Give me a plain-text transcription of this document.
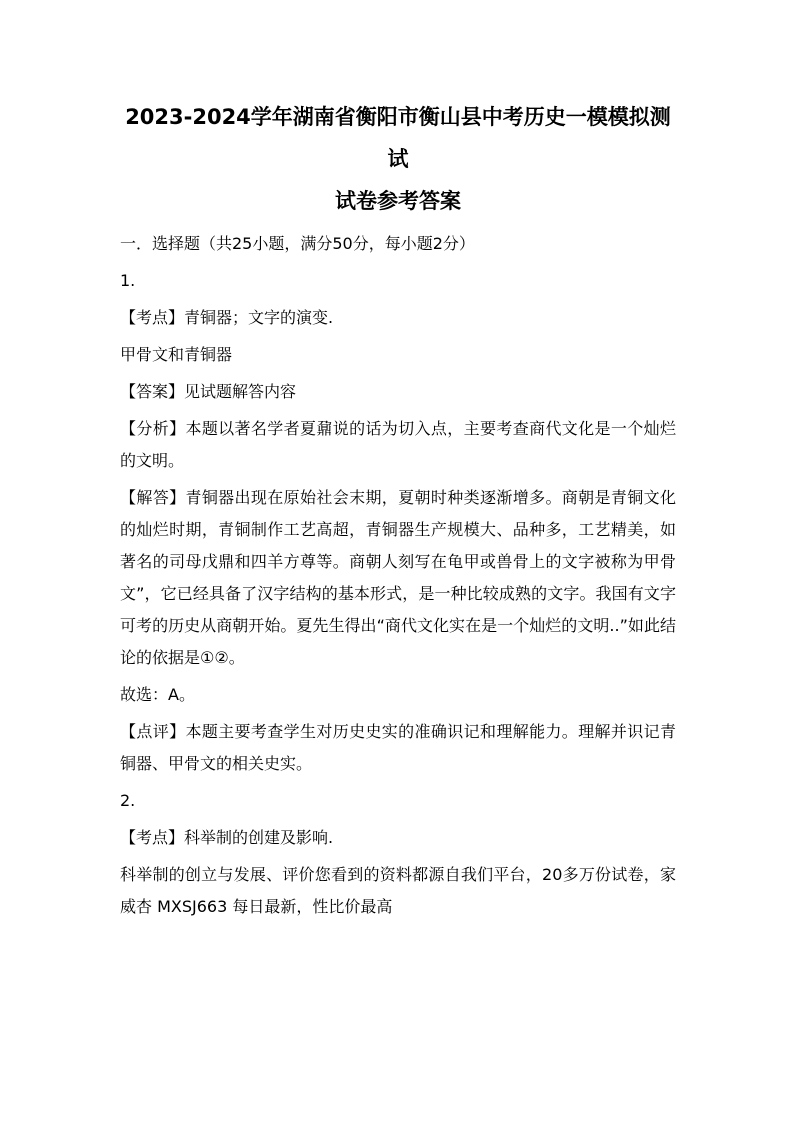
2023-2024学年湖南省衡阳市衡山县中考历史一模模拟测试
试卷参考答案

一．选择题（共25小题，满分50分，每小题2分）

1.

【考点】青铜器；文字的演变.

甲骨文和青铜器

【答案】见试题解答内容

【分析】本题以著名学者夏鼐说的话为切入点，主要考查商代文化是一个灿烂的文明。

【解答】青铜器出现在原始社会末期，夏朝时种类逐渐增多。商朝是青铜文化的灿烂时期，青铜制作工艺高超，青铜器生产规模大、品种多，工艺精美，如著名的司母戊鼎和四羊方尊等。商朝人刻写在龟甲或兽骨上的文字被称为甲骨文”，它已经具备了汉字结构的基本形式，是一种比较成熟的文字。我国有文字可考的历史从商朝开始。夏先生得出“商代文化实在是一个灿烂的文明..”如此结论的依据是①②。

故选：A。

【点评】本题主要考查学生对历史史实的准确识记和理解能力。理解并识记青铜器、甲骨文的相关史实。

2.

【考点】科举制的创建及影响.

科举制的创立与发展、评价您看到的资料都源自我们平台，20多万份试卷，家威杏 MXSJ663 每日最新，性比价最高
